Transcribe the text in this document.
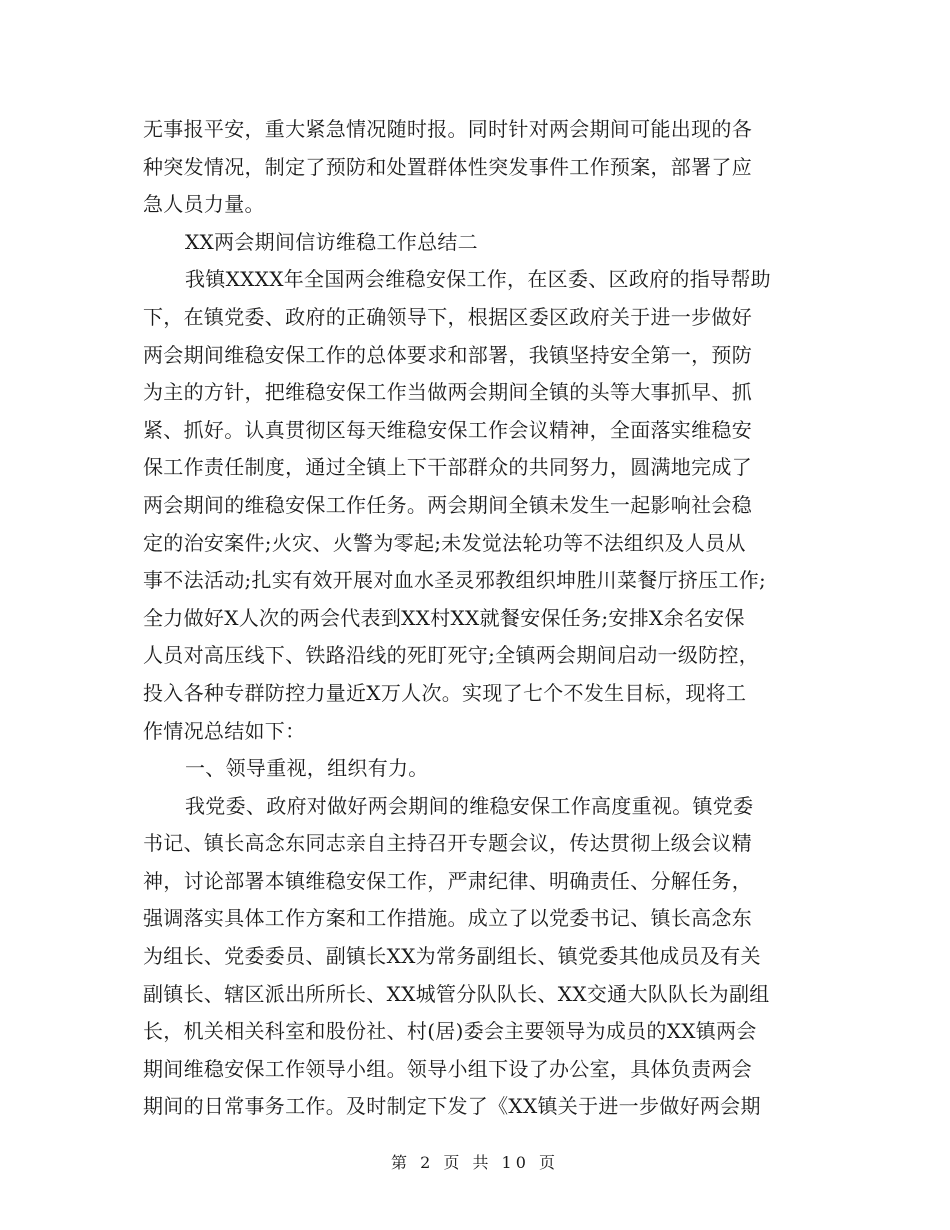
无事报平安，重大紧急情况随时报。同时针对两会期间可能出现的各
种突发情况，制定了预防和处置群体性突发事件工作预案，部署了应
急人员力量。
XX两会期间信访维稳工作总结二
我镇XXXX年全国两会维稳安保工作，在区委、区政府的指导帮助
下，在镇党委、政府的正确领导下，根据区委区政府关于进一步做好
两会期间维稳安保工作的总体要求和部署，我镇坚持安全第一，预防
为主的方针，把维稳安保工作当做两会期间全镇的头等大事抓早、抓
紧、抓好。认真贯彻区每天维稳安保工作会议精神，全面落实维稳安
保工作责任制度，通过全镇上下干部群众的共同努力，圆满地完成了
两会期间的维稳安保工作任务。两会期间全镇未发生一起影响社会稳
定的治安案件;火灾、火警为零起;未发觉法轮功等不法组织及人员从
事不法活动;扎实有效开展对血水圣灵邪教组织坤胜川菜餐厅挤压工作;
全力做好X人次的两会代表到XX村XX就餐安保任务;安排X余名安保
人员对高压线下、铁路沿线的死盯死守;全镇两会期间启动一级防控，
投入各种专群防控力量近X万人次。实现了七个不发生目标，现将工
作情况总结如下：
一、领导重视，组织有力。
我党委、政府对做好两会期间的维稳安保工作高度重视。镇党委
书记、镇长高念东同志亲自主持召开专题会议，传达贯彻上级会议精
神，讨论部署本镇维稳安保工作，严肃纪律、明确责任、分解任务，
强调落实具体工作方案和工作措施。成立了以党委书记、镇长高念东
为组长、党委委员、副镇长XX为常务副组长、镇党委其他成员及有关
副镇长、辖区派出所所长、XX城管分队队长、XX交通大队队长为副组
长，机关相关科室和股份社、村(居)委会主要领导为成员的XX镇两会
期间维稳安保工作领导小组。领导小组下设了办公室，具体负责两会
期间的日常事务工作。及时制定下发了《XX镇关于进一步做好两会期
第 2 页 共 10 页
